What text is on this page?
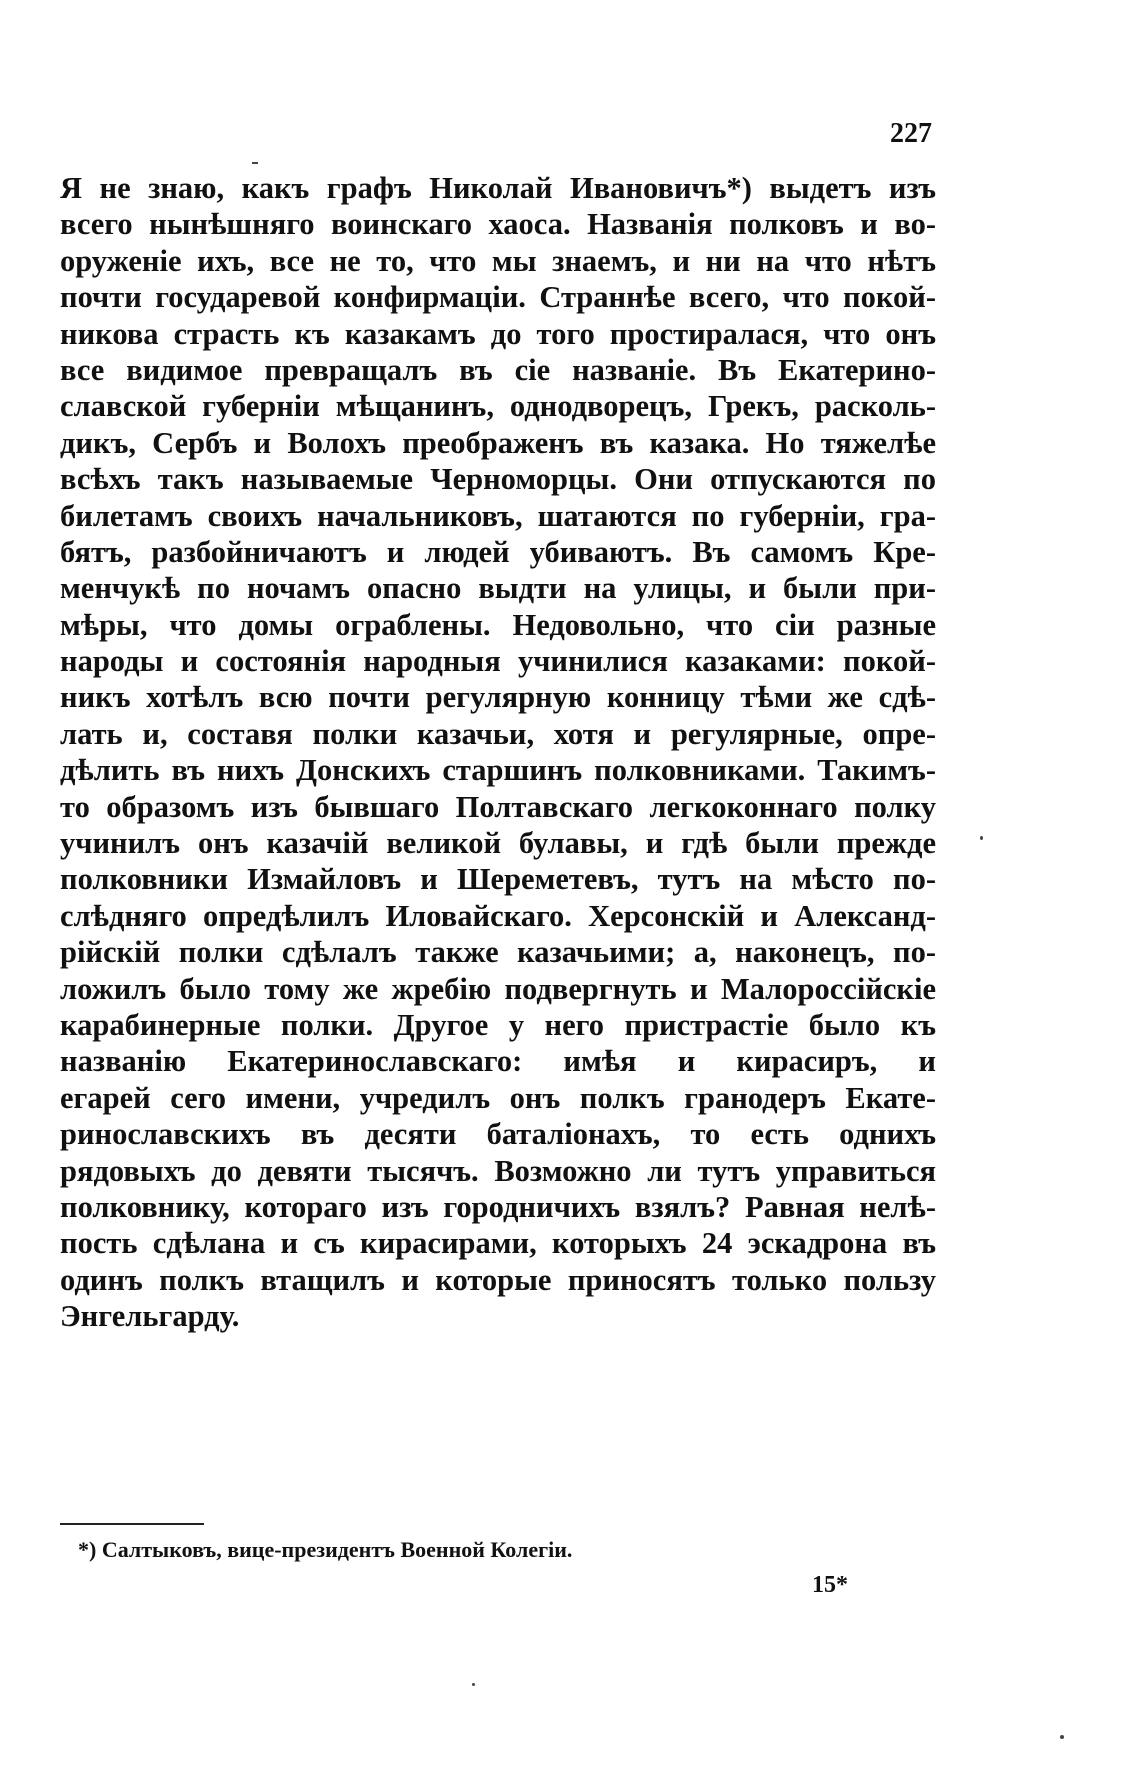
227
Я не знаю, какъ графъ Николай Ивановичъ*) выдетъ изъ
всего нынѣшняго воинскаго хаоса. Названія полковъ и во-
оруженіе ихъ, все не то, что мы знаемъ, и ни на что нѣтъ
почти государевой конфирмаціи. Страннѣе всего, что покой-
никова страсть къ казакамъ до того простиралася, что онъ
все видимое превращалъ въ сіе названіе. Въ Екатерино-
славской губерніи мѣщанинъ, однодворецъ, Грекъ, расколь-
дикъ, Сербъ и Волохъ преображенъ въ казака. Но тяжелѣе
всѣхъ такъ называемые Черноморцы. Они отпускаются по
билетамъ своихъ начальниковъ, шатаются по губерніи, гра-
бятъ, разбойничаютъ и людей убиваютъ. Въ самомъ Кре-
менчукѣ по ночамъ опасно выдти на улицы, и были при-
мѣры, что домы ограблены. Недовольно, что сіи разные
народы и состоянія народныя учинилися казаками: покой-
никъ хотѣлъ всю почти регулярную конницу тѣми же сдѣ-
лать и, составя полки казачьи, хотя и регулярные, опре-
дѣлить въ нихъ Донскихъ старшинъ полковниками. Такимъ-
то образомъ изъ бывшаго Полтавскаго легкоконнаго полку
учинилъ онъ казачій великой булавы, и гдѣ были прежде
полковники Измайловъ и Шереметевъ, тутъ на мѣсто по-
слѣдняго опредѣлилъ Иловайскаго. Херсонскій и Александ-
рійскій полки сдѣлалъ также казачьими; а, наконецъ, по-
ложилъ было тому же жребію подвергнуть и Малороссійскіе
карабинерные полки. Другое у него пристрастіе было къ
названію Екатеринославскаго: имѣя и кирасиръ, и
егарей сего имени, учредилъ онъ полкъ гранодеръ Екате-
ринославскихъ въ десяти баталіонахъ, то есть однихъ
рядовыхъ до девяти тысячъ. Возможно ли тутъ управиться
полковнику, котораго изъ городничихъ взялъ? Равная нелѣ-
пость сдѣлана и съ кирасирами, которыхъ 24 эскадрона въ
одинъ полкъ втащилъ и которые приносятъ только пользу
Энгельгарду.
*) Салтыковъ, вице-президентъ Военной Колегіи.
15*
